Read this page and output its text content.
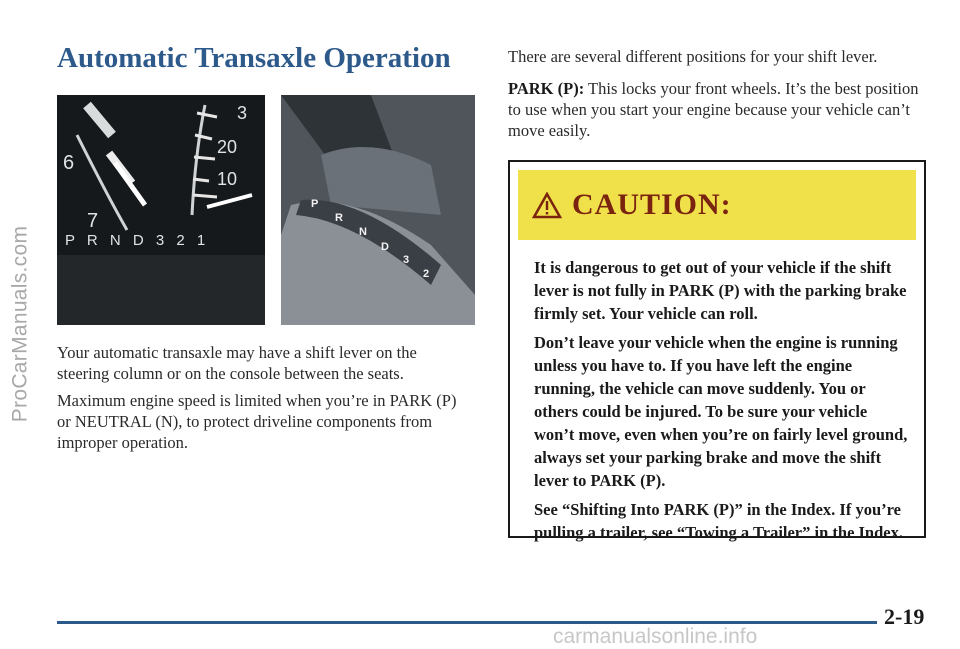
ProCarManuals.com
Automatic Transaxle Operation
6
7
3
20
10
P R N D 3 2 1
P
R
N
D
3
2

Your automatic transaxle may have a shift lever on the steering column or on the console between the seats.

Maximum engine speed is limited when you’re in PARK (P) or NEUTRAL (N), to protect driveline components from improper operation.

There are several different positions for your shift lever.

PARK (P): This locks your front wheels. It’s the best position to use when you start your engine because your vehicle can’t move easily.

CAUTION:

It is dangerous to get out of your vehicle if the shift lever is not fully in PARK (P) with the parking brake firmly set. Your vehicle can roll.

Don’t leave your vehicle when the engine is running unless you have to. If you have left the engine running, the vehicle can move suddenly. You or others could be injured. To be sure your vehicle won’t move, even when you’re on fairly level ground, always set your parking brake and move the shift lever to PARK (P).

See “Shifting Into PARK (P)” in the Index. If you’re pulling a trailer, see “Towing a Trailer” in the Index.

2-19
carmanualsonline.info
